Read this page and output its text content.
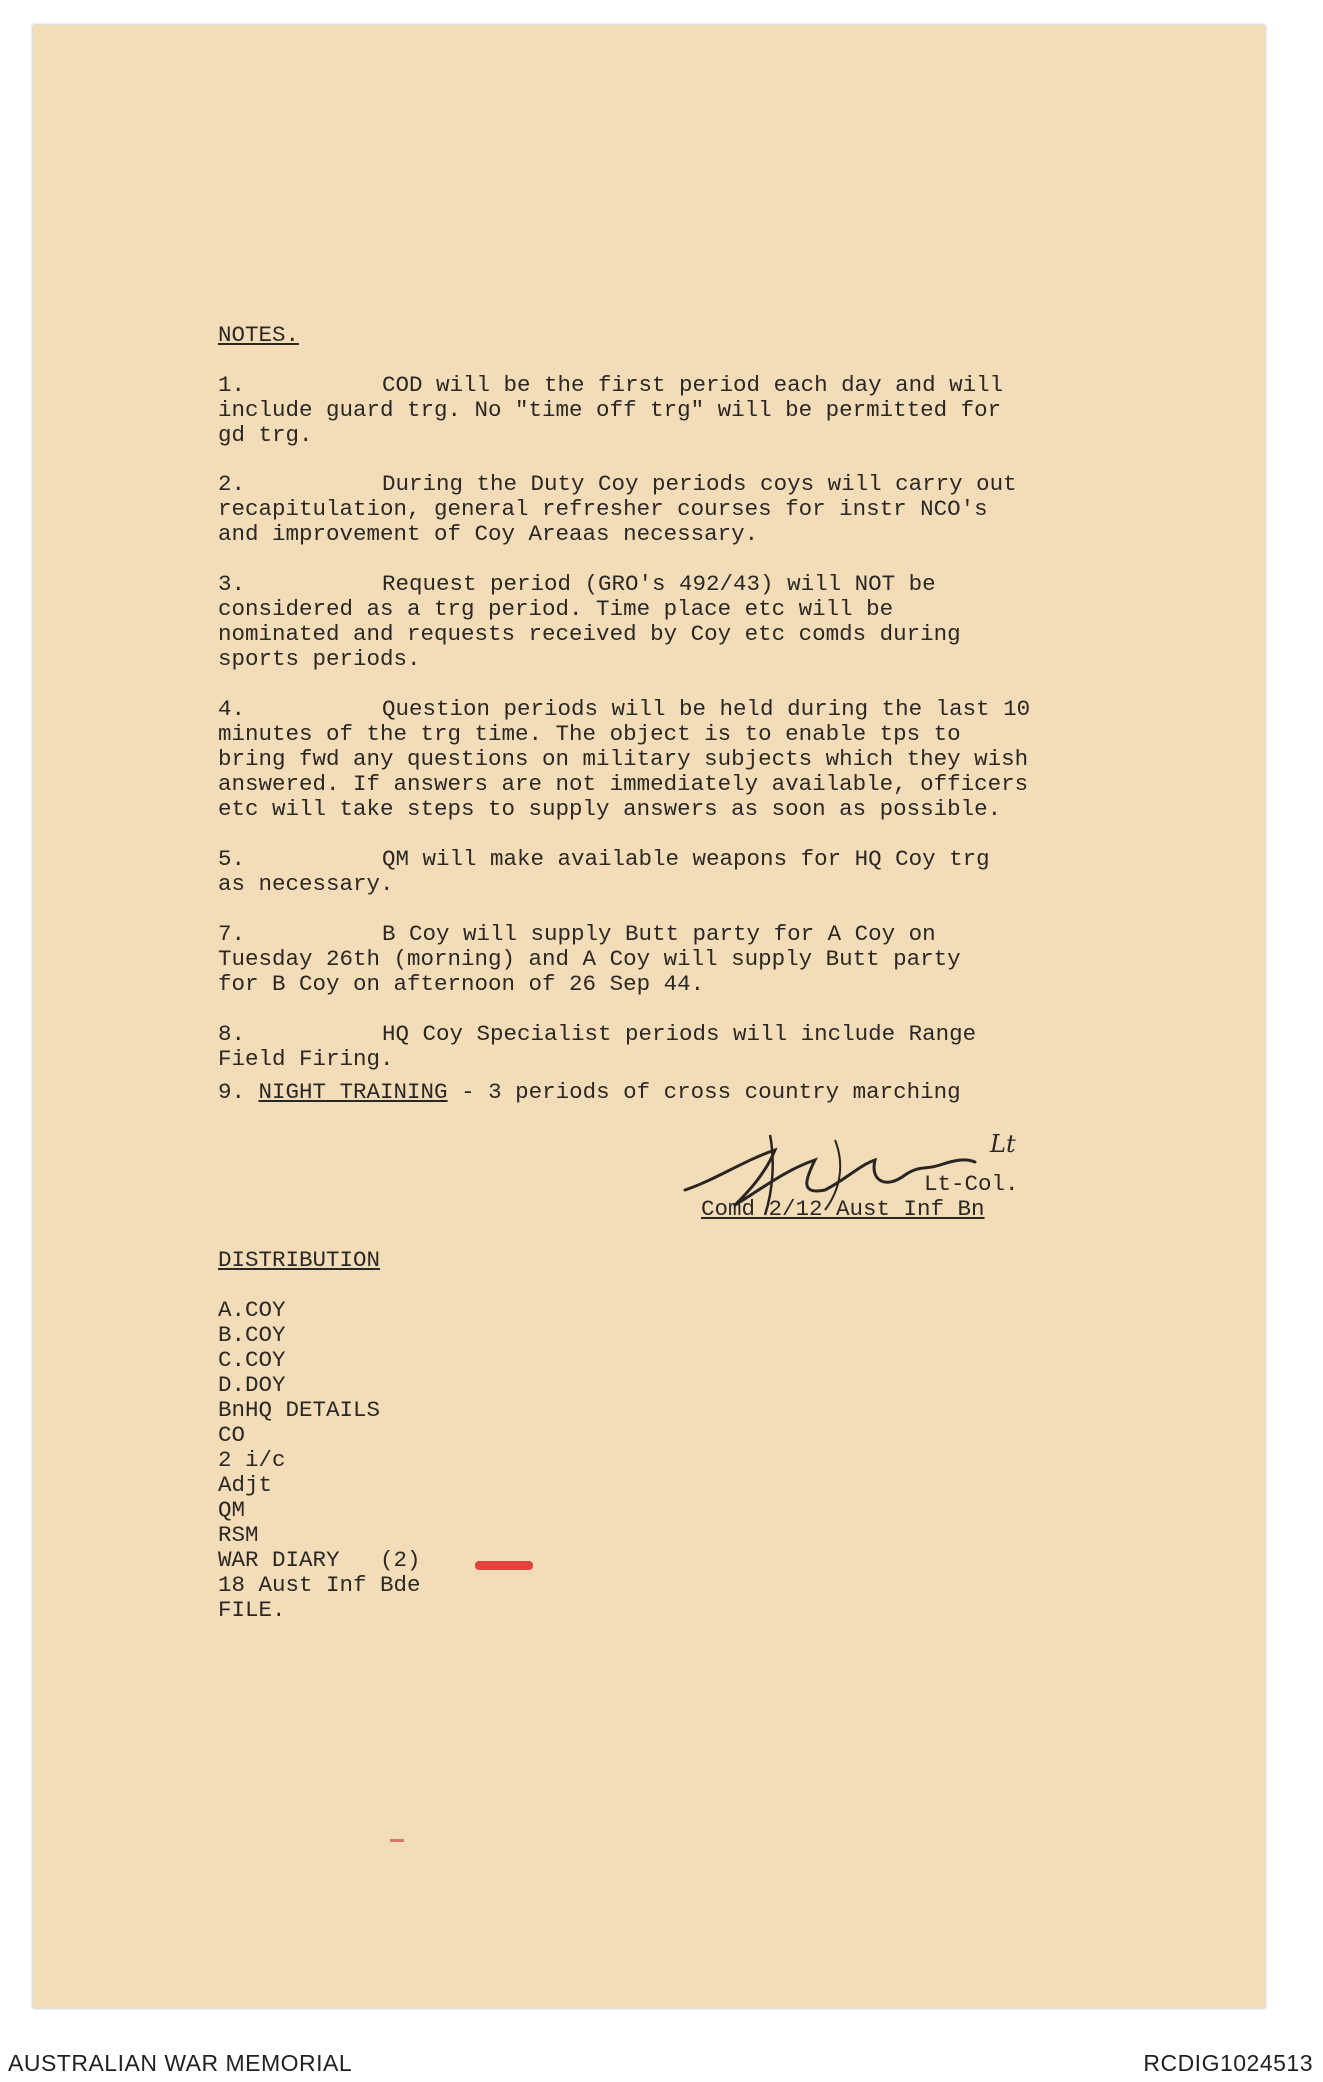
NOTES.
1.	COD will be the first period each day and will
include guard trg. No "time off trg" will be permitted for
gd trg.
2.	During the Duty Coy periods coys will carry out
recapitulation, general refresher courses for instr NCO's
and improvement of Coy Areaas necessary.
3.	Request period (GRO's 492/43) will NOT be
considered as a trg period. Time place etc will be
nominated and requests received by Coy etc comds during
sports periods.
4.	Question periods will be held during the last 10
minutes of the trg time. The object is to enable tps to
bring fwd any questions on military subjects which they wish
answered. If answers are not immediately available, officers
etc will take steps to supply answers as soon as possible.
5.	QM will make available weapons for HQ Coy trg
as necessary.
7.	B Coy will supply Butt party for A Coy on
Tuesday 26th (morning) and A Coy will supply Butt party
for B Coy on afternoon of 26 Sep 44.
8.	HQ Coy Specialist periods will include Range
Field Firing.
9. NIGHT TRAINING - 3 periods of cross country marching
Lt
Lt-Col.
Comd 2/12 Aust Inf Bn
DISTRIBUTION
A.COY
B.COY
C.COY
D.DOY
BnHQ DETAILS
CO
2 i/c
Adjt
QM
RSM
WAR DIARY   (2)
18 Aust Inf Bde
FILE.
AUSTRALIAN WAR MEMORIAL	RCDIG1024513
